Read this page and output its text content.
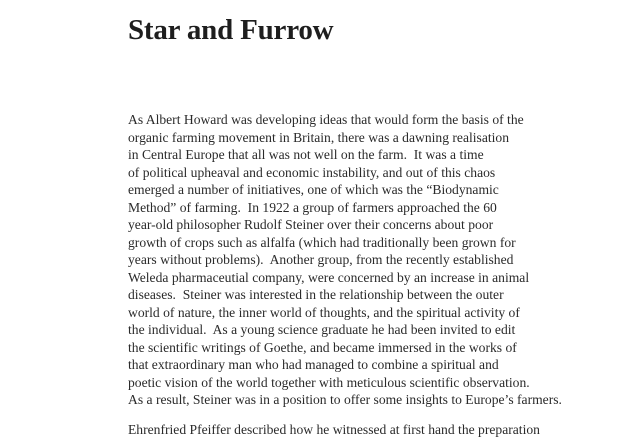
Star and Furrow

As Albert Howard was developing ideas that would form the basis of the
organic farming movement in Britain, there was a dawning realisation
in Central Europe that all was not well on the farm.  It was a time
of political upheaval and economic instability, and out of this chaos
emerged a number of initiatives, one of which was the “Biodynamic
Method” of farming.  In 1922 a group of farmers approached the 60
year-old philosopher Rudolf Steiner over their concerns about poor
growth of crops such as alfalfa (which had traditionally been grown for
years without problems).  Another group, from the recently established
Weleda pharmaceutial company, were concerned by an increase in animal
diseases.  Steiner was interested in the relationship between the outer
world of nature, the inner world of thoughts, and the spiritual activity of
the individual.  As a young science graduate he had been invited to edit
the scientific writings of Goethe, and became immersed in the works of
that extraordinary man who had managed to combine a spiritual and
poetic vision of the world together with meticulous scientific observation.
As a result, Steiner was in a position to offer some insights to Europe’s farmers.

Ehrenfried Pfeiffer described how he witnessed at first hand the preparation
